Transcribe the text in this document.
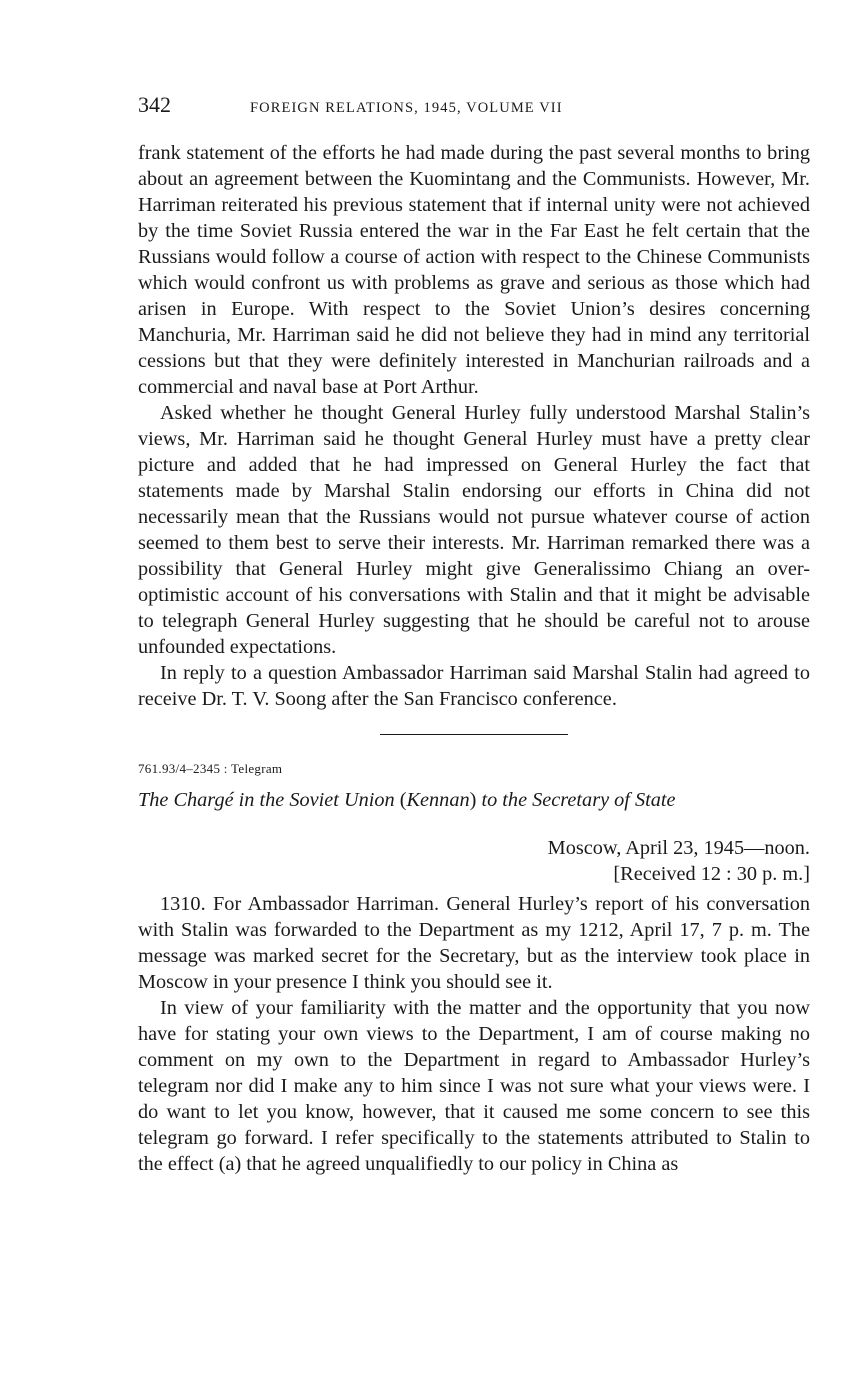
342	FOREIGN RELATIONS, 1945, VOLUME VII

frank statement of the efforts he had made during the past several months to bring about an agreement between the Kuomintang and the Communists. However, Mr. Harriman reiterated his previous statement that if internal unity were not achieved by the time Soviet Russia entered the war in the Far East he felt certain that the Russians would follow a course of action with respect to the Chinese Communists which would confront us with problems as grave and serious as those which had arisen in Europe. With respect to the Soviet Union’s desires concerning Manchuria, Mr. Harriman said he did not believe they had in mind any territorial cessions but that they were definitely interested in Manchurian railroads and a commercial and naval base at Port Arthur.

Asked whether he thought General Hurley fully understood Marshal Stalin’s views, Mr. Harriman said he thought General Hurley must have a pretty clear picture and added that he had impressed on General Hurley the fact that statements made by Marshal Stalin endorsing our efforts in China did not necessarily mean that the Russians would not pursue whatever course of action seemed to them best to serve their interests. Mr. Harriman remarked there was a possibility that General Hurley might give Generalissimo Chiang an over-optimistic account of his conversations with Stalin and that it might be advisable to telegraph General Hurley suggesting that he should be careful not to arouse unfounded expectations.

In reply to a question Ambassador Harriman said Marshal Stalin had agreed to receive Dr. T. V. Soong after the San Francisco conference.

761.93/4–2345 : Telegram
The Chargé in the Soviet Union (Kennan) to the Secretary of State
Moscow, April 23, 1945—noon.
[Received 12 : 30 p. m.]

1310. For Ambassador Harriman. General Hurley’s report of his conversation with Stalin was forwarded to the Department as my 1212, April 17, 7 p. m. The message was marked secret for the Secretary, but as the interview took place in Moscow in your presence I think you should see it.

In view of your familiarity with the matter and the opportunity that you now have for stating your own views to the Department, I am of course making no comment on my own to the Department in regard to Ambassador Hurley’s telegram nor did I make any to him since I was not sure what your views were. I do want to let you know, however, that it caused me some concern to see this telegram go forward. I refer specifically to the statements attributed to Stalin to the effect (a) that he agreed unqualifiedly to our policy in China as
